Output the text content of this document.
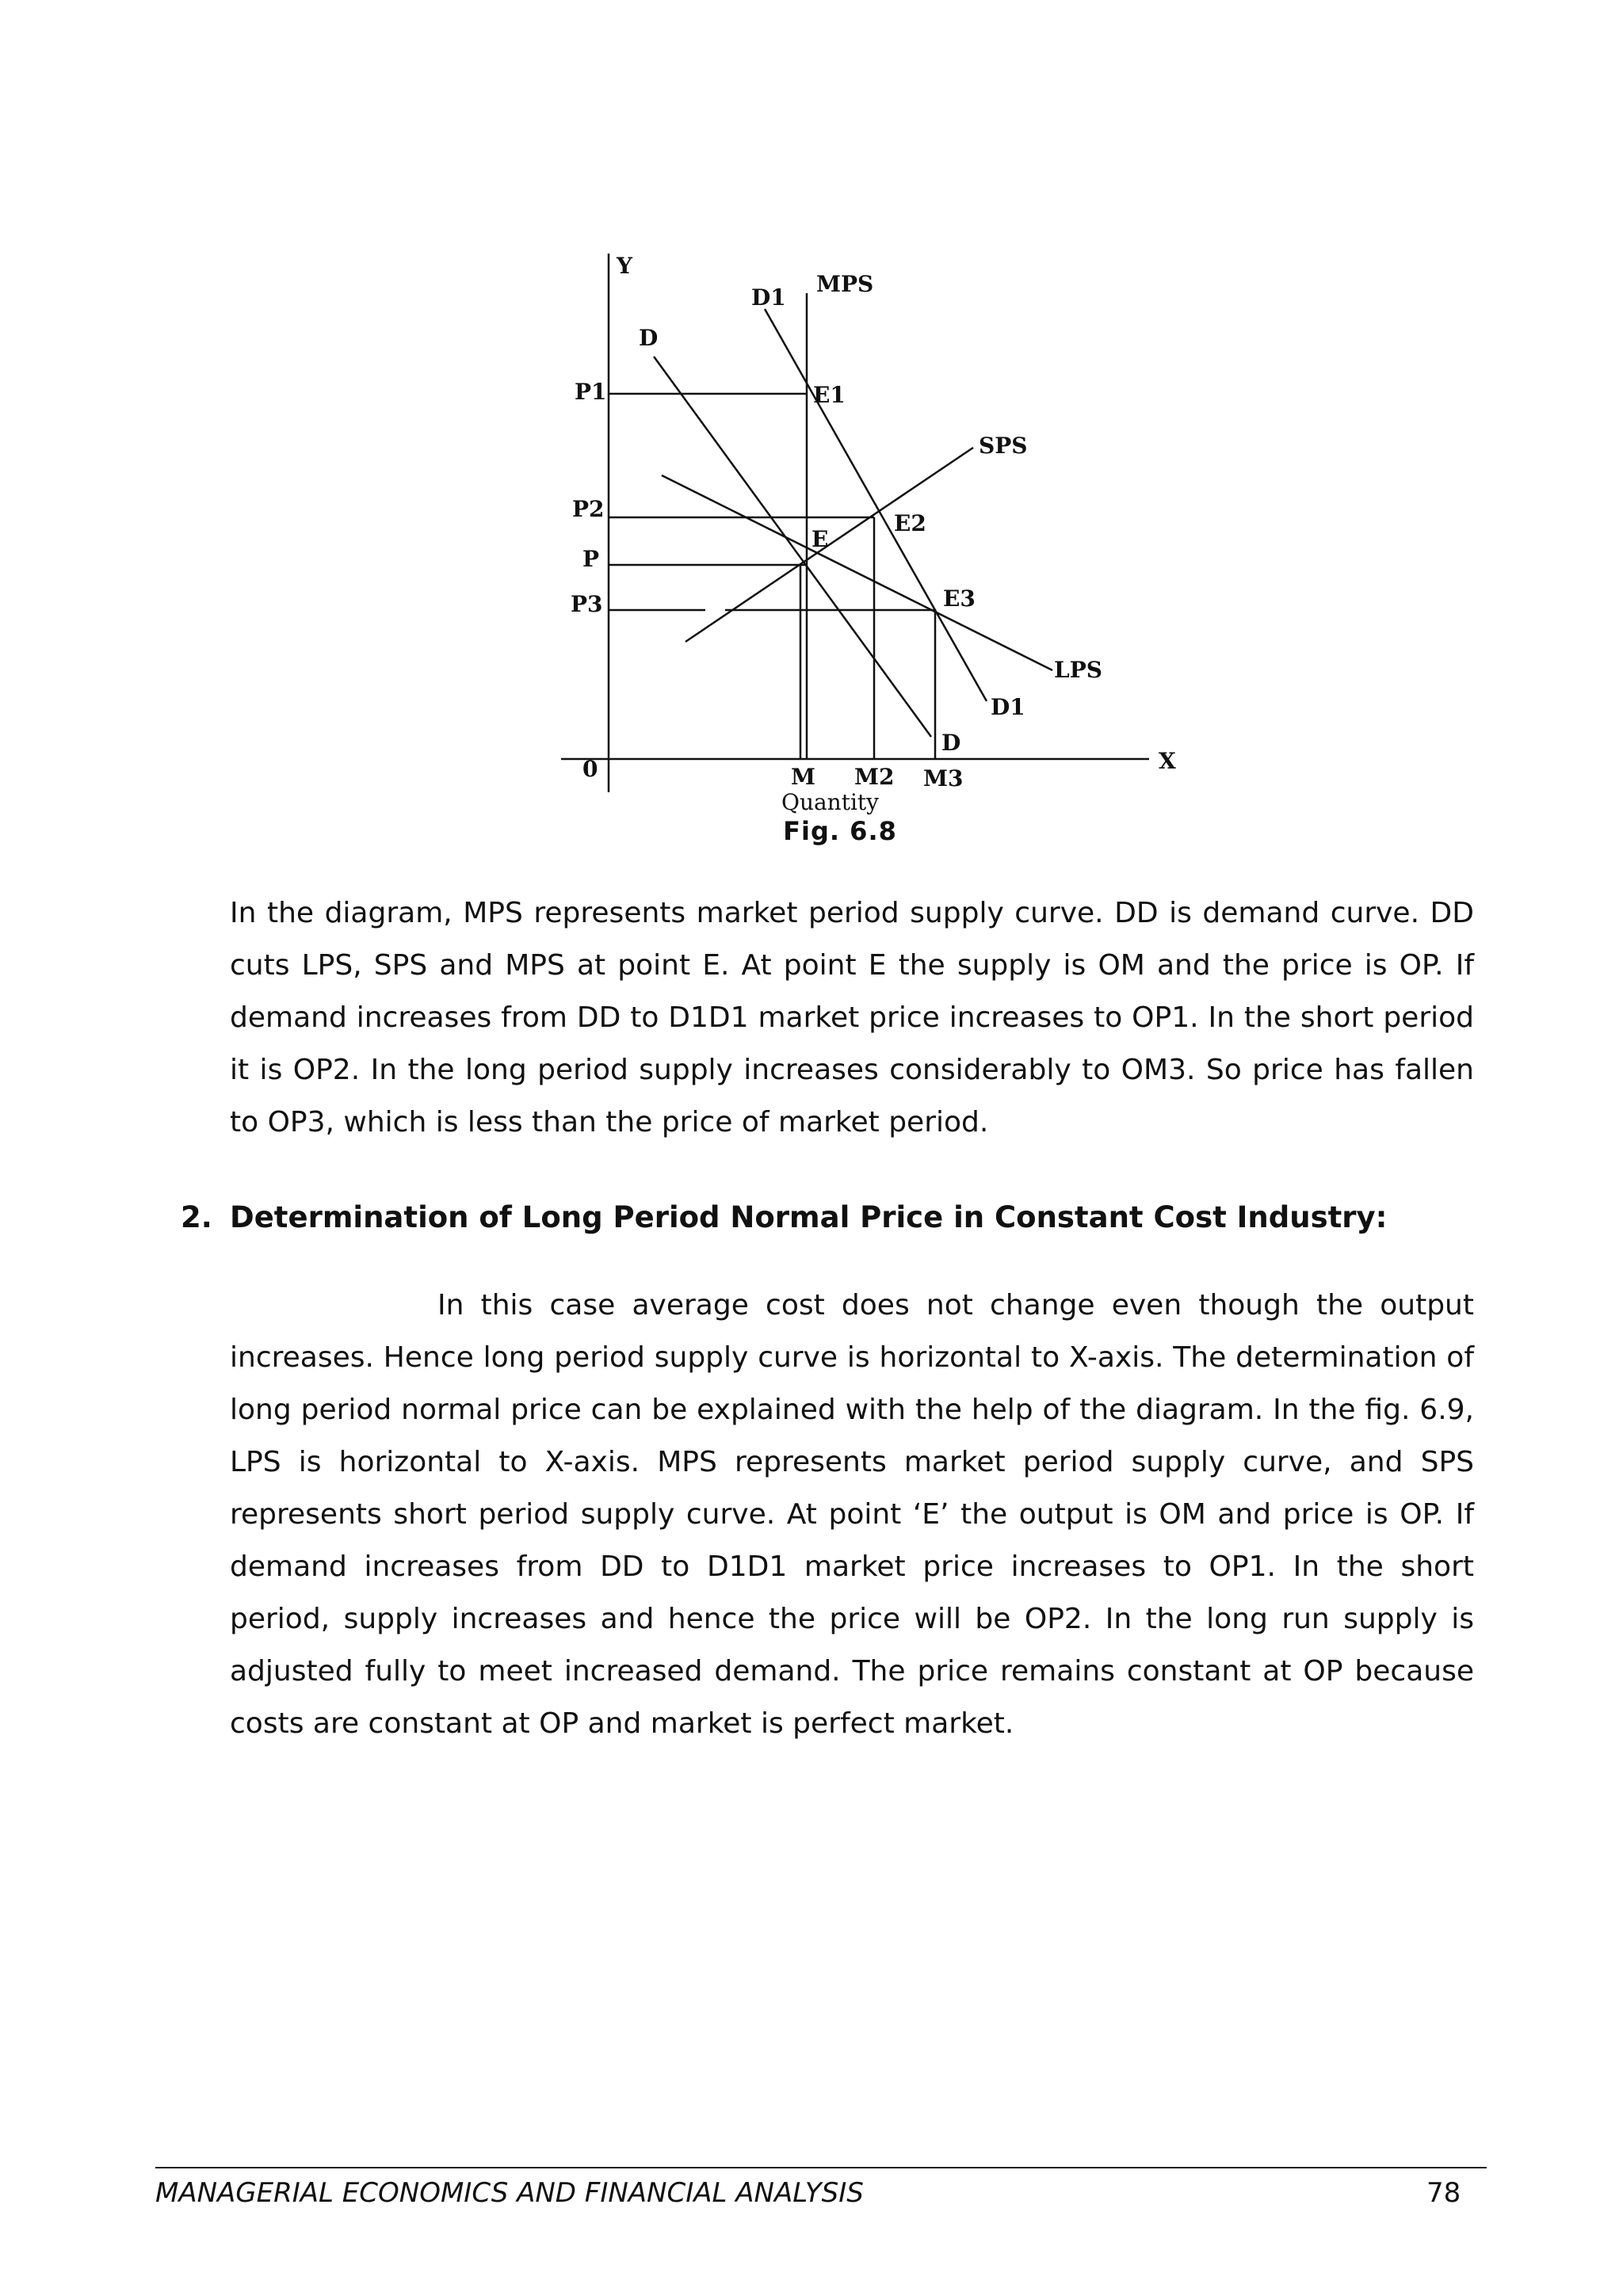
Y
X
0
Quantity
P1
P2
P
P3
M M2 M3
MPS
SPS
LPS
D
D
D1
D1
E
E1
E2
E3
Fig. 6.8

In the diagram, MPS represents market period supply curve. DD is demand curve. DD cuts LPS, SPS and MPS at point E. At point E the supply is OM and the price is OP. If demand increases from DD to D1D1 market price increases to OP1. In the short period it is OP2. In the long period supply increases considerably to OM3. So price has fallen to OP3, which is less than the price of market period.

2. Determination of Long Period Normal Price in Constant Cost Industry:

In this case average cost does not change even though the output increases. Hence long period supply curve is horizontal to X-axis. The determination of long period normal price can be explained with the help of the diagram. In the fig. 6.9, LPS is horizontal to X-axis. MPS represents market period supply curve, and SPS represents short period supply curve. At point ‘E’ the output is OM and price is OP. If demand increases from DD to D1D1 market price increases to OP1. In the short period, supply increases and hence the price will be OP2. In the long run supply is adjusted fully to meet increased demand. The price remains constant at OP because costs are constant at OP and market is perfect market.

MANAGERIAL ECONOMICS AND FINANCIAL ANALYSIS	78
